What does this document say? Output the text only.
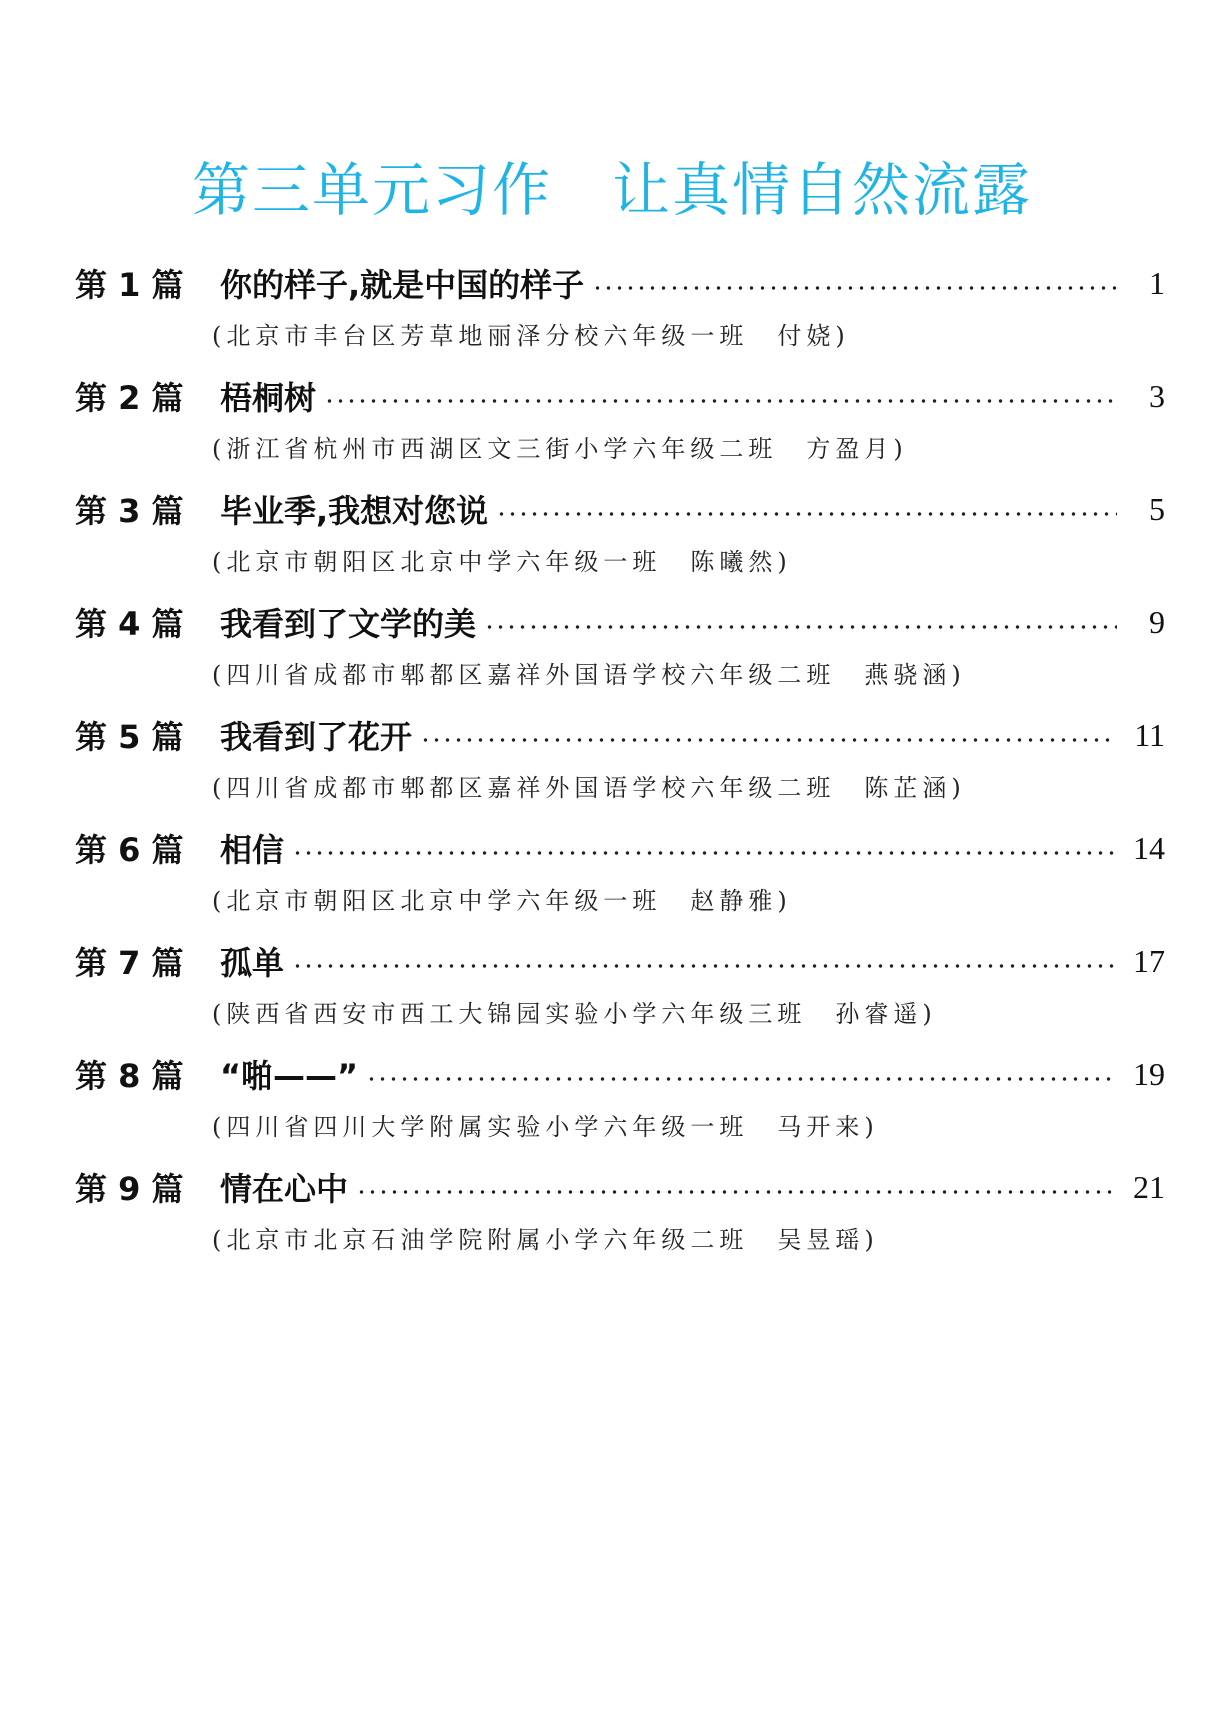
第三单元习作　让真情自然流露
第 1 篇	你的样子,就是中国的样子	1
(北京市丰台区芳草地丽泽分校六年级一班　付娆)
第 2 篇	梧桐树	3
(浙江省杭州市西湖区文三街小学六年级二班　方盈月)
第 3 篇	毕业季,我想对您说	5
(北京市朝阳区北京中学六年级一班　陈曦然)
第 4 篇	我看到了文学的美	9
(四川省成都市郫都区嘉祥外国语学校六年级二班　燕骁涵)
第 5 篇	我看到了花开	11
(四川省成都市郫都区嘉祥外国语学校六年级二班　陈芷涵)
第 6 篇	相信	14
(北京市朝阳区北京中学六年级一班　赵静雅)
第 7 篇	孤单	17
(陕西省西安市西工大锦园实验小学六年级三班　孙睿遥)
第 8 篇	“啪——”	19
(四川省四川大学附属实验小学六年级一班　马开来)
第 9 篇	情在心中	21
(北京市北京石油学院附属小学六年级二班　吴昱瑶)
